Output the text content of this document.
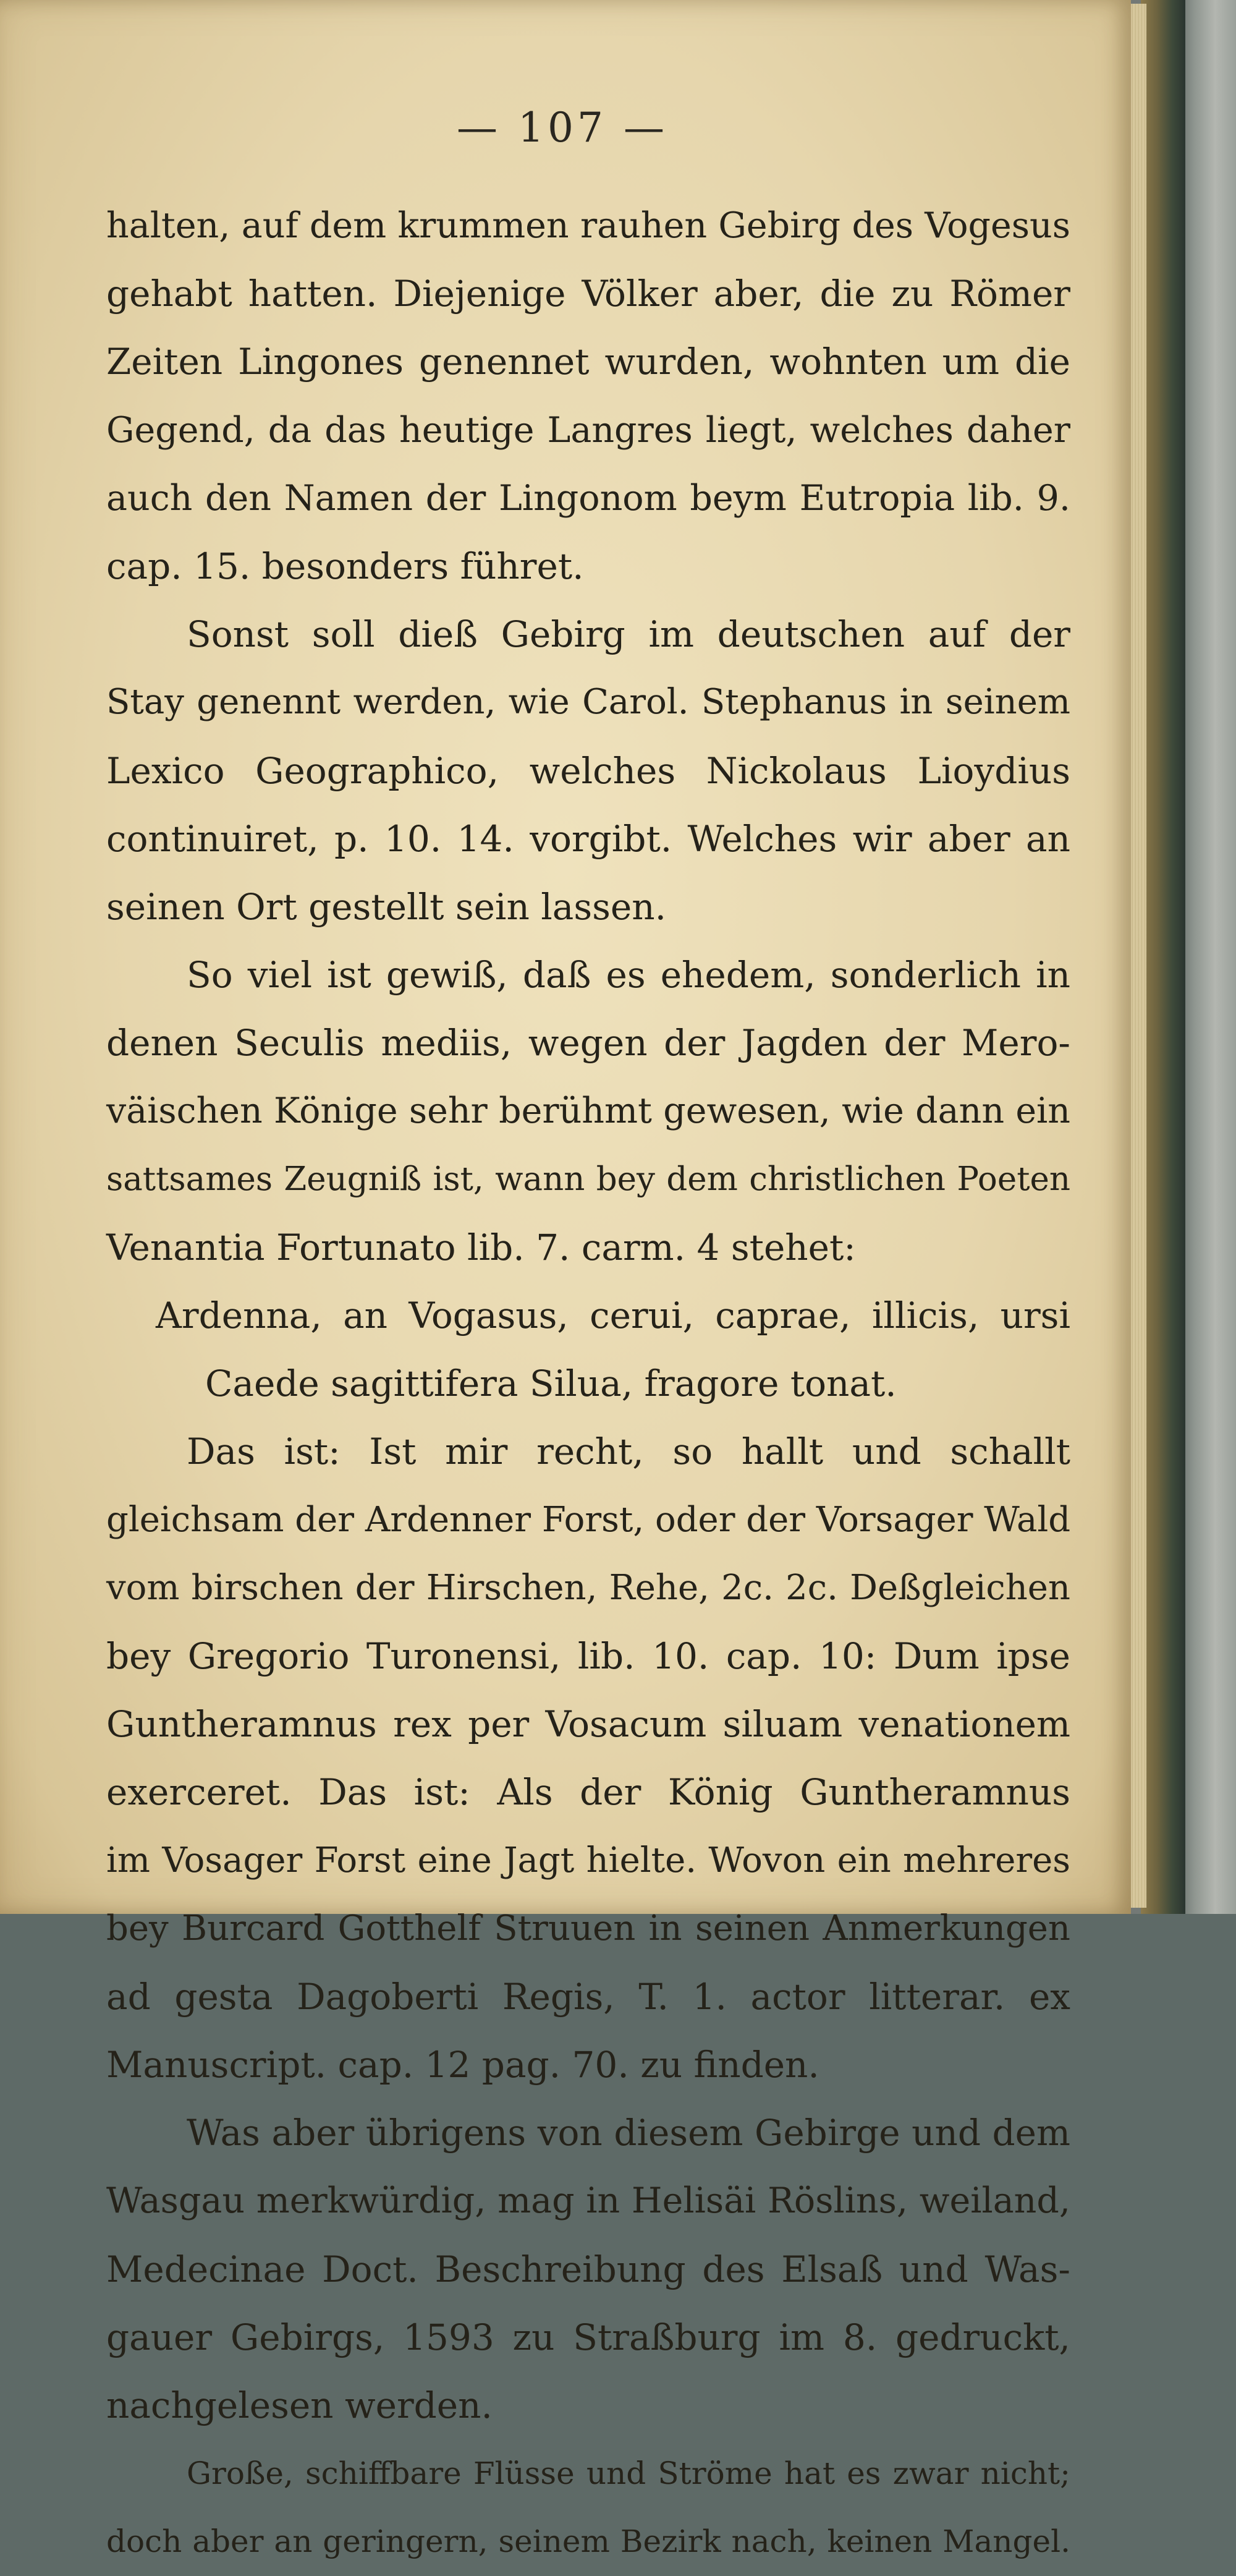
— 107 —
halten, auf dem krummen rauhen Gebirg des Vogesus
gehabt hatten. Diejenige Völker aber, die zu Römer
Zeiten Lingones genennet wurden, wohnten um die
Gegend, da das heutige Langres liegt, welches daher
auch den Namen der Lingonom beym Eutropia lib. 9.
cap. 15. besonders führet.
Sonst soll dieß Gebirg im deutschen auf der
Stay genennt werden, wie Carol. Stephanus in seinem
Lexico Geographico, welches Nickolaus Lioydius
continuiret, p. 10. 14. vorgibt. Welches wir aber an
seinen Ort gestellt sein lassen.
So viel ist gewiß, daß es ehedem, sonderlich in
denen Seculis mediis, wegen der Jagden der Mero-
väischen Könige sehr berühmt gewesen, wie dann ein
sattsames Zeugniß ist, wann bey dem christlichen Poeten
Venantia Fortunato lib. 7. carm. 4 stehet:
Ardenna, an Vogasus, cerui, caprae, illicis, ursi
Caede sagittifera Silua, fragore tonat.
Das ist: Ist mir recht, so hallt und schallt
gleichsam der Ardenner Forst, oder der Vorsager Wald
vom birschen der Hirschen, Rehe, 2c. 2c. Deßgleichen
bey Gregorio Turonensi, lib. 10. cap. 10: Dum ipse
Guntheramnus rex per Vosacum siluam venationem
exerceret. Das ist: Als der König Guntheramnus
im Vosager Forst eine Jagt hielte. Wovon ein mehreres
bey Burcard Gotthelf Struuen in seinen Anmerkungen
ad gesta Dagoberti Regis, T. 1. actor litterar. ex
Manuscript. cap. 12 pag. 70. zu finden.
Was aber übrigens von diesem Gebirge und dem
Wasgau merkwürdig, mag in Helisäi Röslins, weiland,
Medecinae Doct. Beschreibung des Elsaß und Was-
gauer Gebirgs, 1593 zu Straßburg im 8. gedruckt,
nachgelesen werden.
Große, schiffbare Flüsse und Ströme hat es zwar nicht;
doch aber an geringern, seinem Bezirk nach, keinen Mangel.
